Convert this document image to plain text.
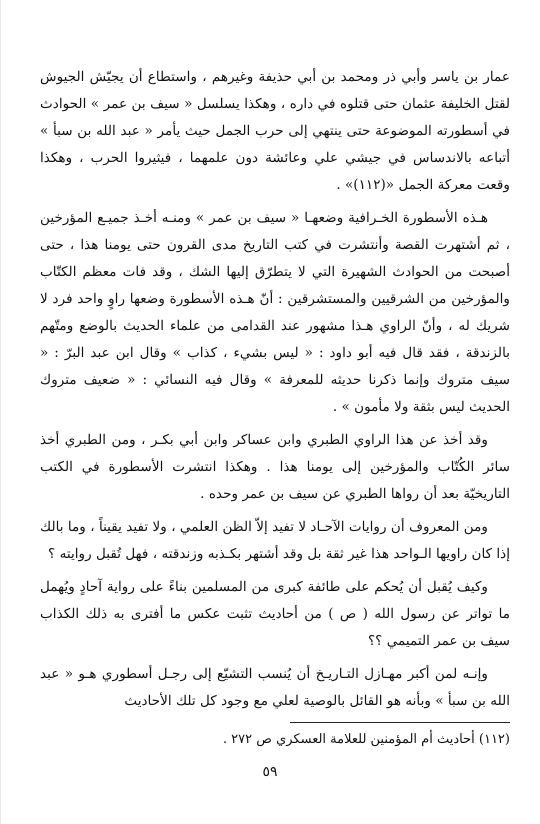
عمار بن ياسر وأبي ذر ومحمد بن أبي حذيفة وغيرهم ، واستطاع أن يجيّش الجيوش لقتل الخليفة عثمان حتى قتلوه في داره ، وهكذا يسلسل « سيف بن عمر » الحوادث في أسطورته الموضوعة حتى ينتهي إلى حرب الجمل حيث يأمر « عبد الله بن سبأ » أتباعه بالاندساس في جيشي علي وعائشة دون علمهما ، فيثيروا الحرب ، وهكذا وقعت معركة الجمل «(١١٢)» .

هـذه الأسطورة الخـرافية وضعهـا « سيف بن عمر » ومنـه أخـذ جميـع المؤرخين ، ثم أشتهرت القصة وأنتشرت في كتب التاريخ مدى القرون حتى يومنا هذا ، حتى أصبحت من الحوادث الشهيرة التي لا يتطرّق إليها الشك ، وقد فات معظم الكتّاب والمؤرخين من الشرقيين والمستشرقين : أنّ هـذه الأسطورة وضعها راوٍ واحد فرد لا شريك له ، وأنّ الراوي هـذا مشهور عند القدامى من علماء الحديث بالوضع ومتّهم بالزندقة ، فقد قال فيه أبو داود : « ليس بشيء ، كذاب » وقال ابن عبد البرّ : « سيف متروك وإنما ذكرنا حديثه للمعرفة » وقال فيه النسائي : « ضعيف متروك الحديث ليس بثقة ولا مأمون » .

وقد أخذ عن هذا الراوي الطبري وابن عساكر وابن أبي بكـر ، ومن الطبري أخذ سائر الكُتّاب والمؤرخين إلى يومنا هذا . وهكذا انتشرت الأسطورة في الكتب التاريخيّة بعد أن رواها الطبري عن سيف بن عمر وحده .

ومن المعروف أن روايات الآحـاد لا تفيد إلاّ الظن العلمي ، ولا تفيد يقيناً ، وما بالك إذا كان راويها الـواحد هذا غير ثقة بل وقد أشتهر بكـذبه وزندقته ، فهل تُقبل روايته ؟

وكيف يُقبل أن يُحكم على طائفة كبرى من المسلمين بناءً على رواية آحادٍ ويُهمل ما تواتر عن رسول الله ( ص ) من أحاديث تثبت عكس ما أفترى به ذلك الكذاب سيف بن عمر التميمي ؟؟

وإنـه لمن أكبر مهـازل التـاريـخ أن يُنسب التشيّع إلى رجـل أسطوري هـو « عبد الله بن سبأ » وبأنه هو القائل بالوصية لعلي مع وجود كل تلك الأحاديث

(١١٢) أحاديث أم المؤمنين للعلامة العسكري ص ٢٧٢ .
٥٩
